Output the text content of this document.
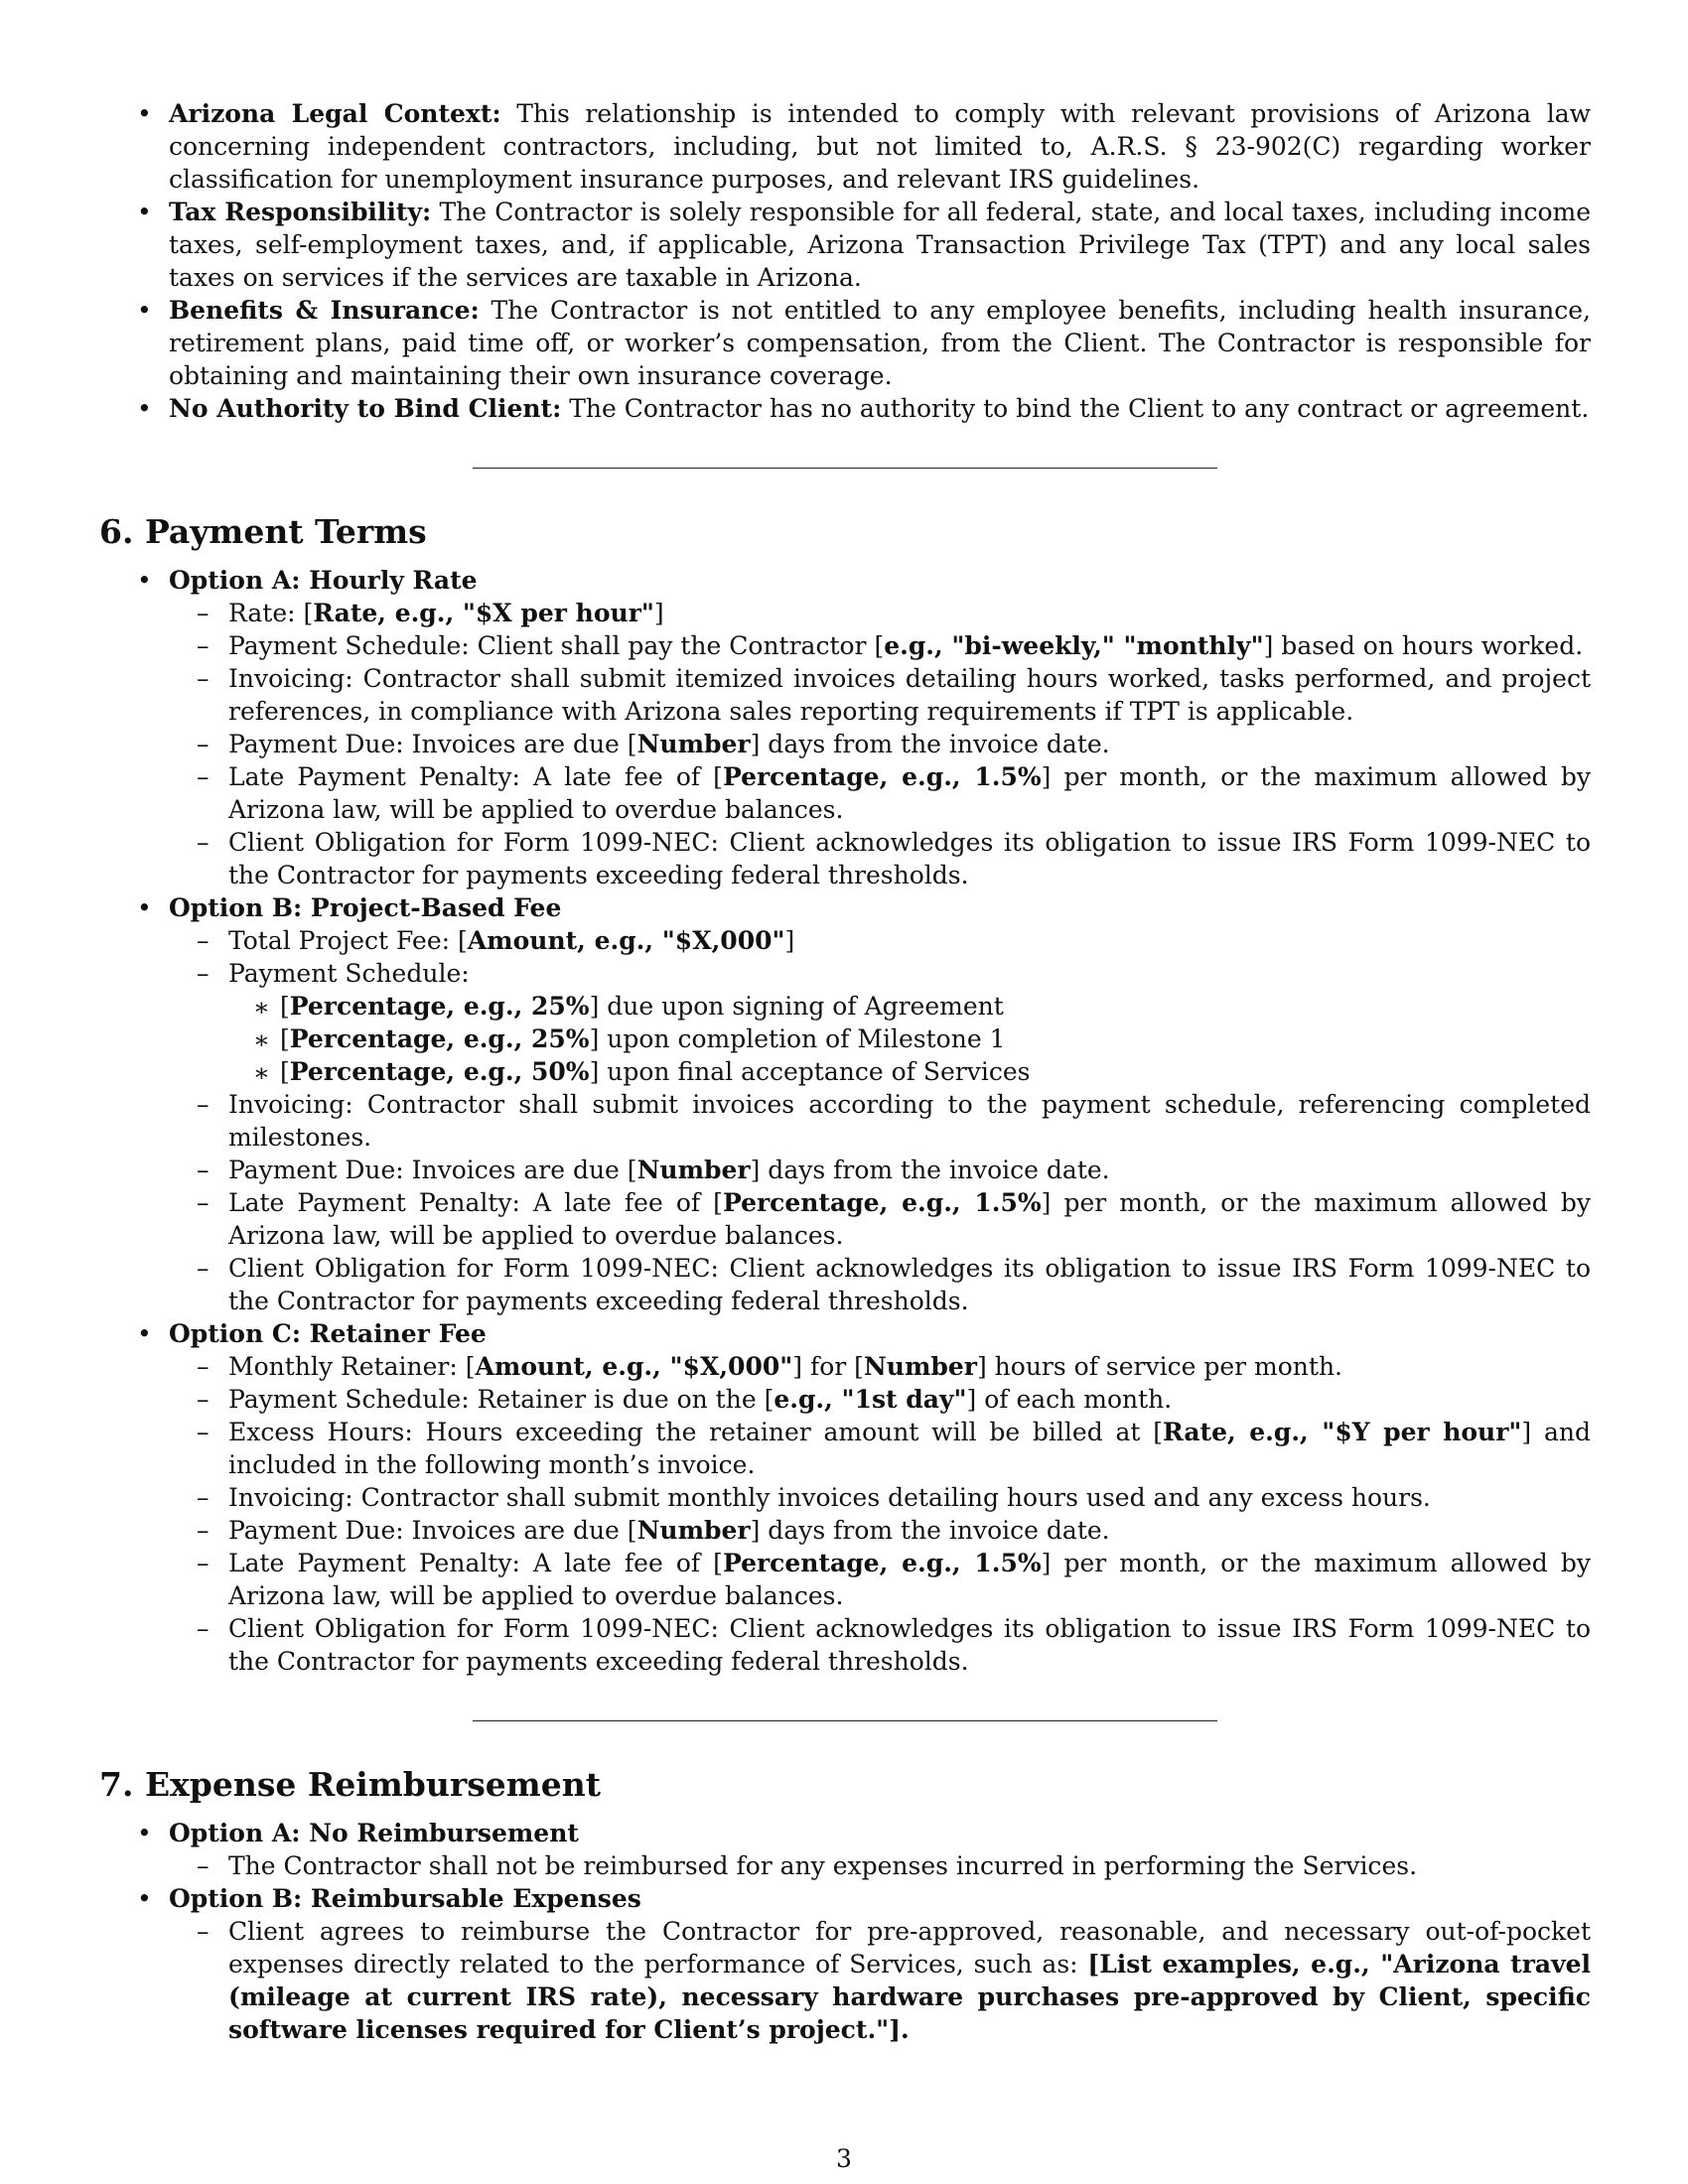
• Arizona Legal Context: This relationship is intended to comply with relevant provisions of Arizona law concerning independent contractors, including, but not limited to, A.R.S. § 23-902(C) regarding worker classification for unemployment insurance purposes, and relevant IRS guidelines.
• Tax Responsibility: The Contractor is solely responsible for all federal, state, and local taxes, including income taxes, self-employment taxes, and, if applicable, Arizona Transaction Privilege Tax (TPT) and any local sales taxes on services if the services are taxable in Arizona.
• Benefits & Insurance: The Contractor is not entitled to any employee benefits, including health insurance, retirement plans, paid time off, or worker’s compensation, from the Client. The Contractor is responsible for obtaining and maintaining their own insurance coverage.
• No Authority to Bind Client: The Contractor has no authority to bind the Client to any contract or agreement.
6. Payment Terms
• Option A: Hourly Rate
– Rate: [Rate, e.g., "$X per hour"]
– Payment Schedule: Client shall pay the Contractor [e.g., "bi-weekly," "monthly"] based on hours worked.
– Invoicing: Contractor shall submit itemized invoices detailing hours worked, tasks performed, and project references, in compliance with Arizona sales reporting requirements if TPT is applicable.
– Payment Due: Invoices are due [Number] days from the invoice date.
– Late Payment Penalty: A late fee of [Percentage, e.g., 1.5%] per month, or the maximum allowed by Arizona law, will be applied to overdue balances.
– Client Obligation for Form 1099-NEC: Client acknowledges its obligation to issue IRS Form 1099-NEC to the Contractor for payments exceeding federal thresholds.
• Option B: Project-Based Fee
– Total Project Fee: [Amount, e.g., "$X,000"]
– Payment Schedule:
∗ [Percentage, e.g., 25%] due upon signing of Agreement
∗ [Percentage, e.g., 25%] upon completion of Milestone 1
∗ [Percentage, e.g., 50%] upon final acceptance of Services
– Invoicing: Contractor shall submit invoices according to the payment schedule, referencing completed milestones.
– Payment Due: Invoices are due [Number] days from the invoice date.
– Late Payment Penalty: A late fee of [Percentage, e.g., 1.5%] per month, or the maximum allowed by Arizona law, will be applied to overdue balances.
– Client Obligation for Form 1099-NEC: Client acknowledges its obligation to issue IRS Form 1099-NEC to the Contractor for payments exceeding federal thresholds.
• Option C: Retainer Fee
– Monthly Retainer: [Amount, e.g., "$X,000"] for [Number] hours of service per month.
– Payment Schedule: Retainer is due on the [e.g., "1st day"] of each month.
– Excess Hours: Hours exceeding the retainer amount will be billed at [Rate, e.g., "$Y per hour"] and included in the following month’s invoice.
– Invoicing: Contractor shall submit monthly invoices detailing hours used and any excess hours.
– Payment Due: Invoices are due [Number] days from the invoice date.
– Late Payment Penalty: A late fee of [Percentage, e.g., 1.5%] per month, or the maximum allowed by Arizona law, will be applied to overdue balances.
– Client Obligation for Form 1099-NEC: Client acknowledges its obligation to issue IRS Form 1099-NEC to the Contractor for payments exceeding federal thresholds.
7. Expense Reimbursement
• Option A: No Reimbursement
– The Contractor shall not be reimbursed for any expenses incurred in performing the Services.
• Option B: Reimbursable Expenses
– Client agrees to reimburse the Contractor for pre-approved, reasonable, and necessary out-of-pocket expenses directly related to the performance of Services, such as: [List examples, e.g., "Arizona travel (mileage at current IRS rate), necessary hardware purchases pre-approved by Client, specific software licenses required for Client’s project."].
3
